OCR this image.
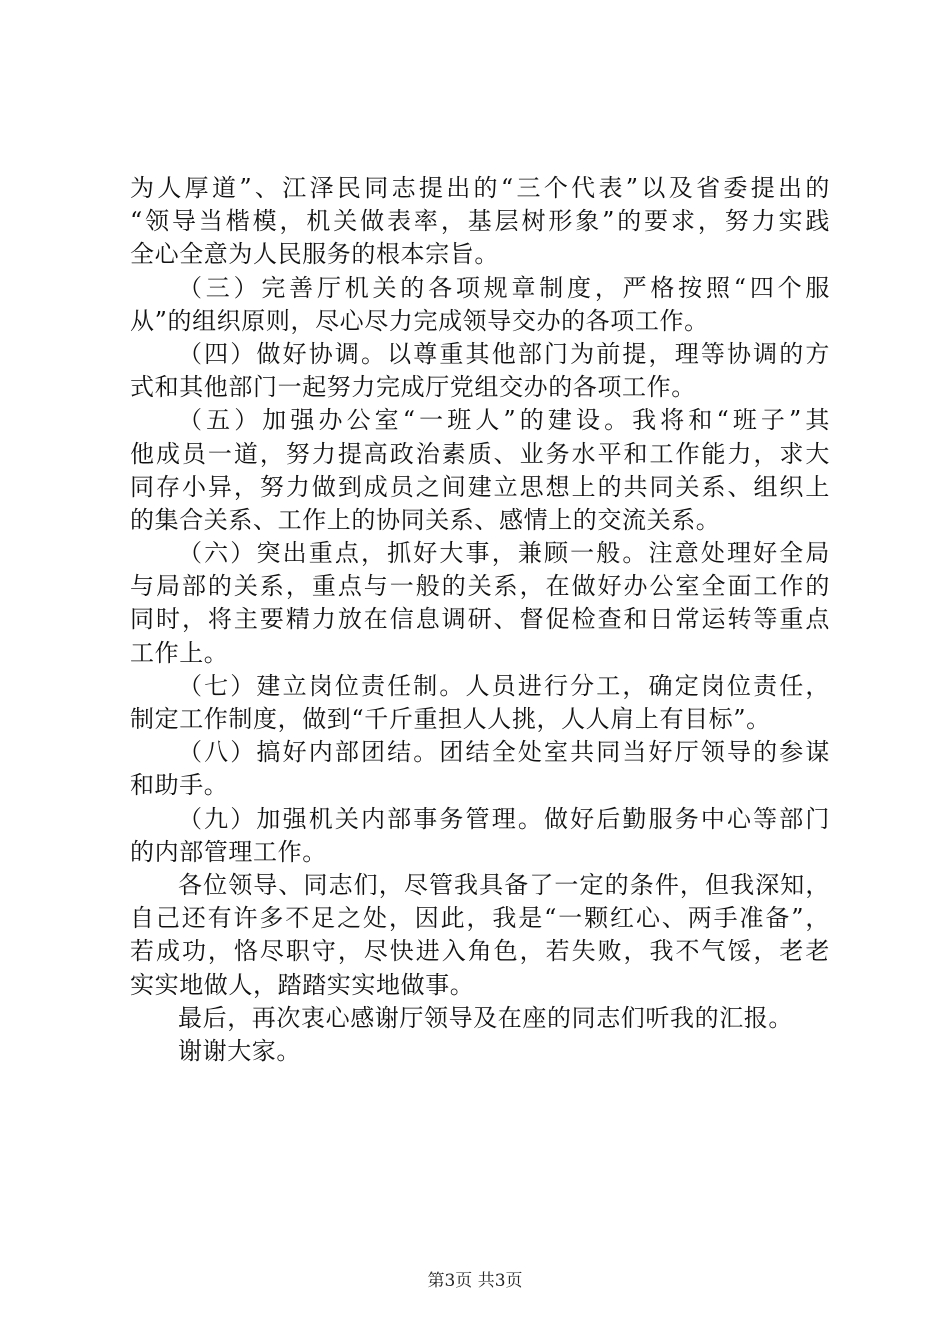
为人厚道”、江泽民同志提出的“三个代表”以及省委提出的
“领导当楷模，机关做表率，基层树形象”的要求，努力实践
全心全意为人民服务的根本宗旨。
（三）完善厅机关的各项规章制度，严格按照“四个服
从”的组织原则，尽心尽力完成领导交办的各项工作。
（四）做好协调。以尊重其他部门为前提，理等协调的方
式和其他部门一起努力完成厅党组交办的各项工作。
（五）加强办公室“一班人”的建设。我将和“班子”其
他成员一道，努力提高政治素质、业务水平和工作能力，求大
同存小异，努力做到成员之间建立思想上的共同关系、组织上
的集合关系、工作上的协同关系、感情上的交流关系。
（六）突出重点，抓好大事，兼顾一般。注意处理好全局
与局部的关系，重点与一般的关系，在做好办公室全面工作的
同时，将主要精力放在信息调研、督促检查和日常运转等重点
工作上。
（七）建立岗位责任制。人员进行分工，确定岗位责任，
制定工作制度，做到“千斤重担人人挑，人人肩上有目标”。
（八）搞好内部团结。团结全处室共同当好厅领导的参谋
和助手。
（九）加强机关内部事务管理。做好后勤服务中心等部门
的内部管理工作。
各位领导、同志们，尽管我具备了一定的条件，但我深知，
自己还有许多不足之处，因此，我是“一颗红心、两手准备”，
若成功，恪尽职守，尽快进入角色，若失败，我不气馁，老老
实实地做人，踏踏实实地做事。
最后，再次衷心感谢厅领导及在座的同志们听我的汇报。
谢谢大家。
第3页 共3页
